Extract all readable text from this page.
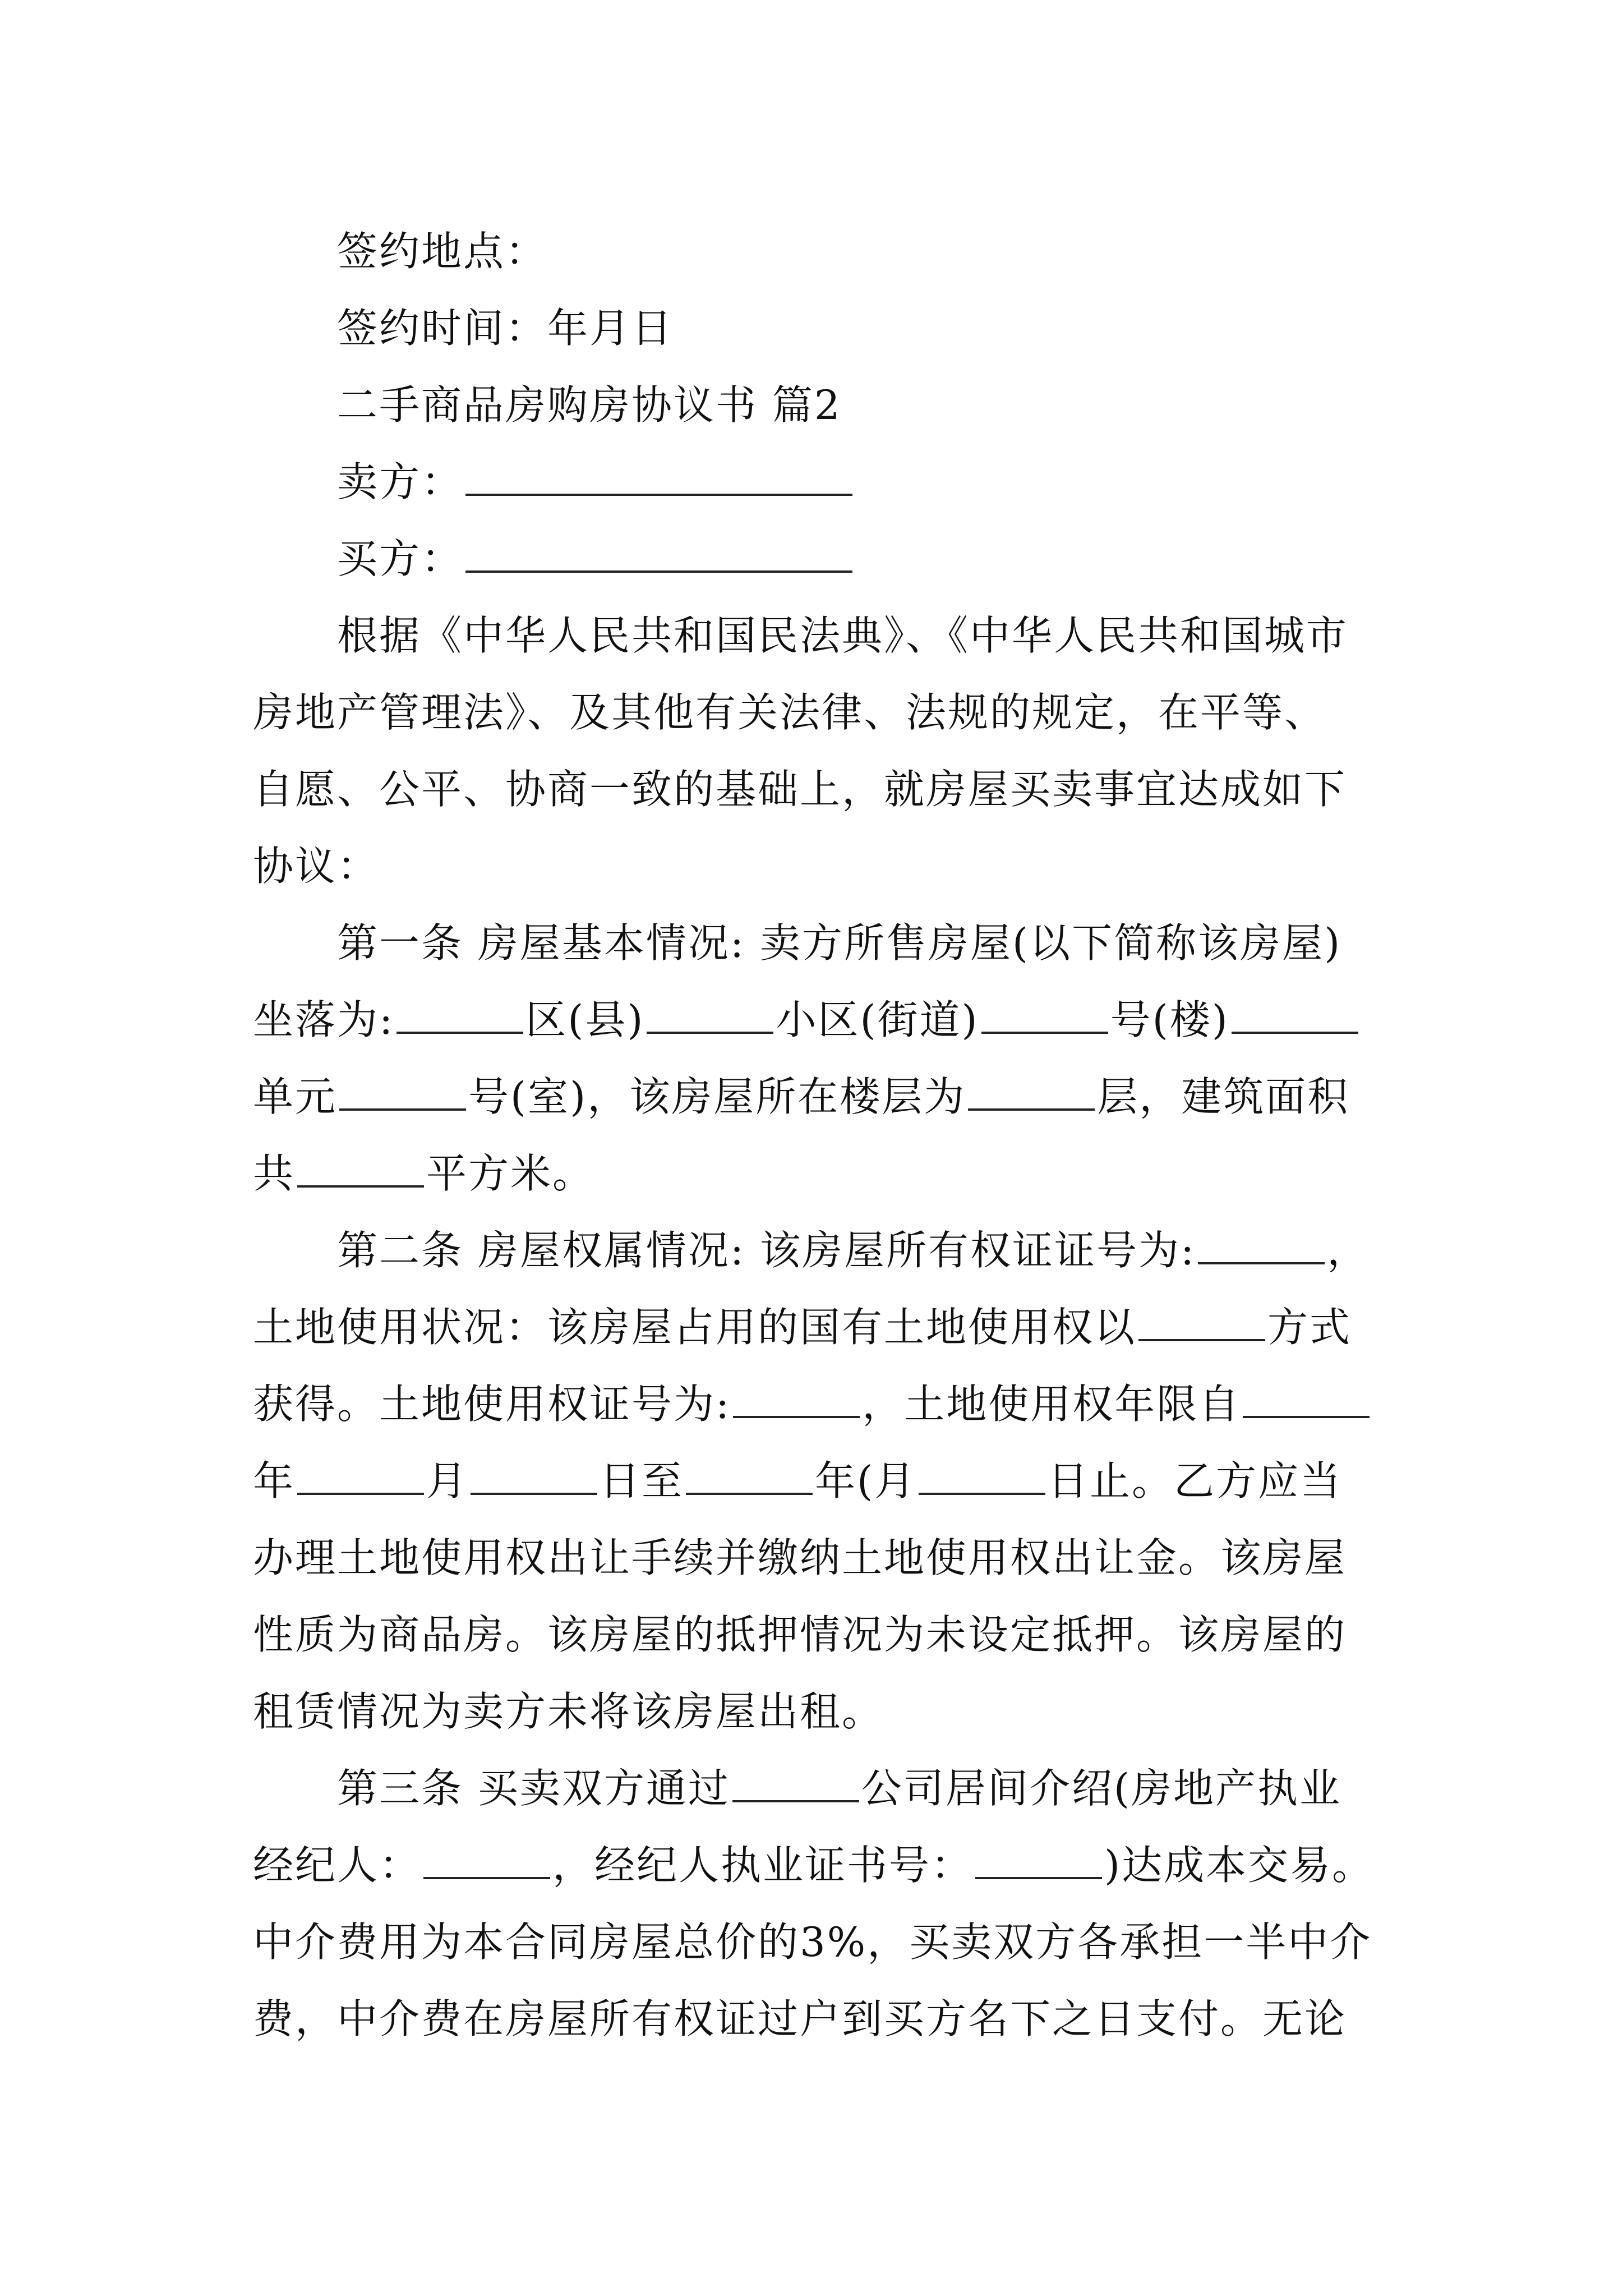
签约地点：
签约时间：年月日
二手商品房购房协议书 篇2
卖方：
买方：
根据《中华人民共和国民法典》、《中华人民共和国城市
房地产管理法》、及其他有关法律、法规的规定，在平等、
自愿、公平、协商一致的基础上，就房屋买卖事宜达成如下
协议：
第一条 房屋基本情况: 卖方所售房屋(以下简称该房屋)
坐落为:	区(县)	小区(街道)	号(楼)
单元	号(室)，该房屋所在楼层为	层，建筑面积
共	平方米。
第二条 房屋权属情况: 该房屋所有权证证号为:	，
土地使用状况：该房屋占用的国有土地使用权以	方式
获得。土地使用权证号为:	，土地使用权年限自
年	月	日至	年(月	日止。乙方应当
办理土地使用权出让手续并缴纳土地使用权出让金。该房屋
性质为商品房。该房屋的抵押情况为未设定抵押。该房屋的
租赁情况为卖方未将该房屋出租。
第三条 买卖双方通过	公司居间介绍(房地产执业
经纪人：	，经纪人执业证书号：	)达成本交易。
中介费用为本合同房屋总价的3%，买卖双方各承担一半中介
费，中介费在房屋所有权证过户到买方名下之日支付。无论
